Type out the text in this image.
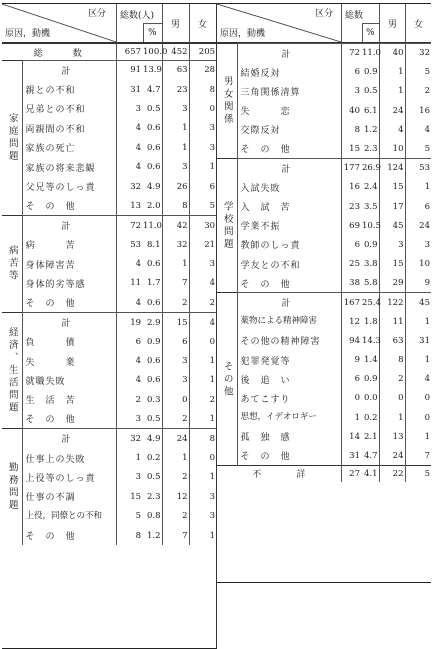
区分
原因，動機
総数(人)
%
男 女
総　　数		657	100.0	452	205
家庭問題	計	91	13.9	63	28
	親との不和	31	4.7	23	8
	兄弟との不和	3	0.5	3	0
	両親間の不和	4	0.6	1	3
	家族の死亡	4	0.6	1	3
	家族の将来悲観	4	0.6	3	1
	父兄等のしっ責	32	4.9	26	6
	そ　の　他	13	2.0	8	5
病苦等	計	72	11.0	42	30
	病　　　苦	53	8.1	32	21
	身体障害苦	4	0.6	1	3
	身体的劣等感	11	1.7	7	4
	そ　の　他	4	0.6	2	2
経済、生活問題	計	19	2.9	15	4
	負　　　債	6	0.9	6	0
	失　　　業	4	0.6	3	1
	就職失敗	4	0.6	3	1
	生　活　苦	2	0.3	0	2
	そ　の　他	3	0.5	2	1
勤務問題	計	32	4.9	24	8
	仕事上の失敗	1	0.2	1	0
	上役等のしっ責	3	0.5	2	1
	仕事の不調	15	2.3	12	3
	上役，同僚との不和	5	0.8	2	3
	そ　の　他	8	1.2	7	1
区分
原因，動機
総数
%
男 女
男女関係	計	72	11.0	40	32
	結婚反対	6	0.9	1	5
	三角関係清算	3	0.5	1	2
	失　　　恋	40	6.1	24	16
	交際反対	8	1.2	4	4
	そ　の　他	15	2.3	10	5
学校問題	計	177	26.9	124	53
	入試失敗	16	2.4	15	1
	入　試　苦	23	3.5	17	6
	学業不振	69	10.5	45	24
	教師のしっ責	6	0.9	3	3
	学友との不和	25	3.8	15	10
	そ　の　他	38	5.8	29	9
その他	計	167	25.4	122	45
	薬物による精神障害	12	1.8	11	1
	その他の精神障害	94	14.3	63	31
	犯罪発覚等	9	1.4	8	1
	後　追　い	6	0.9	2	4
	あてこすり	0	0.0	0	0
	思想，イデオロギー	1	0.2	1	0
	孤　独　感	14	2.1	13	1
	そ　の　他	31	4.7	24	7
不　　　詳		27	4.1	22	5
